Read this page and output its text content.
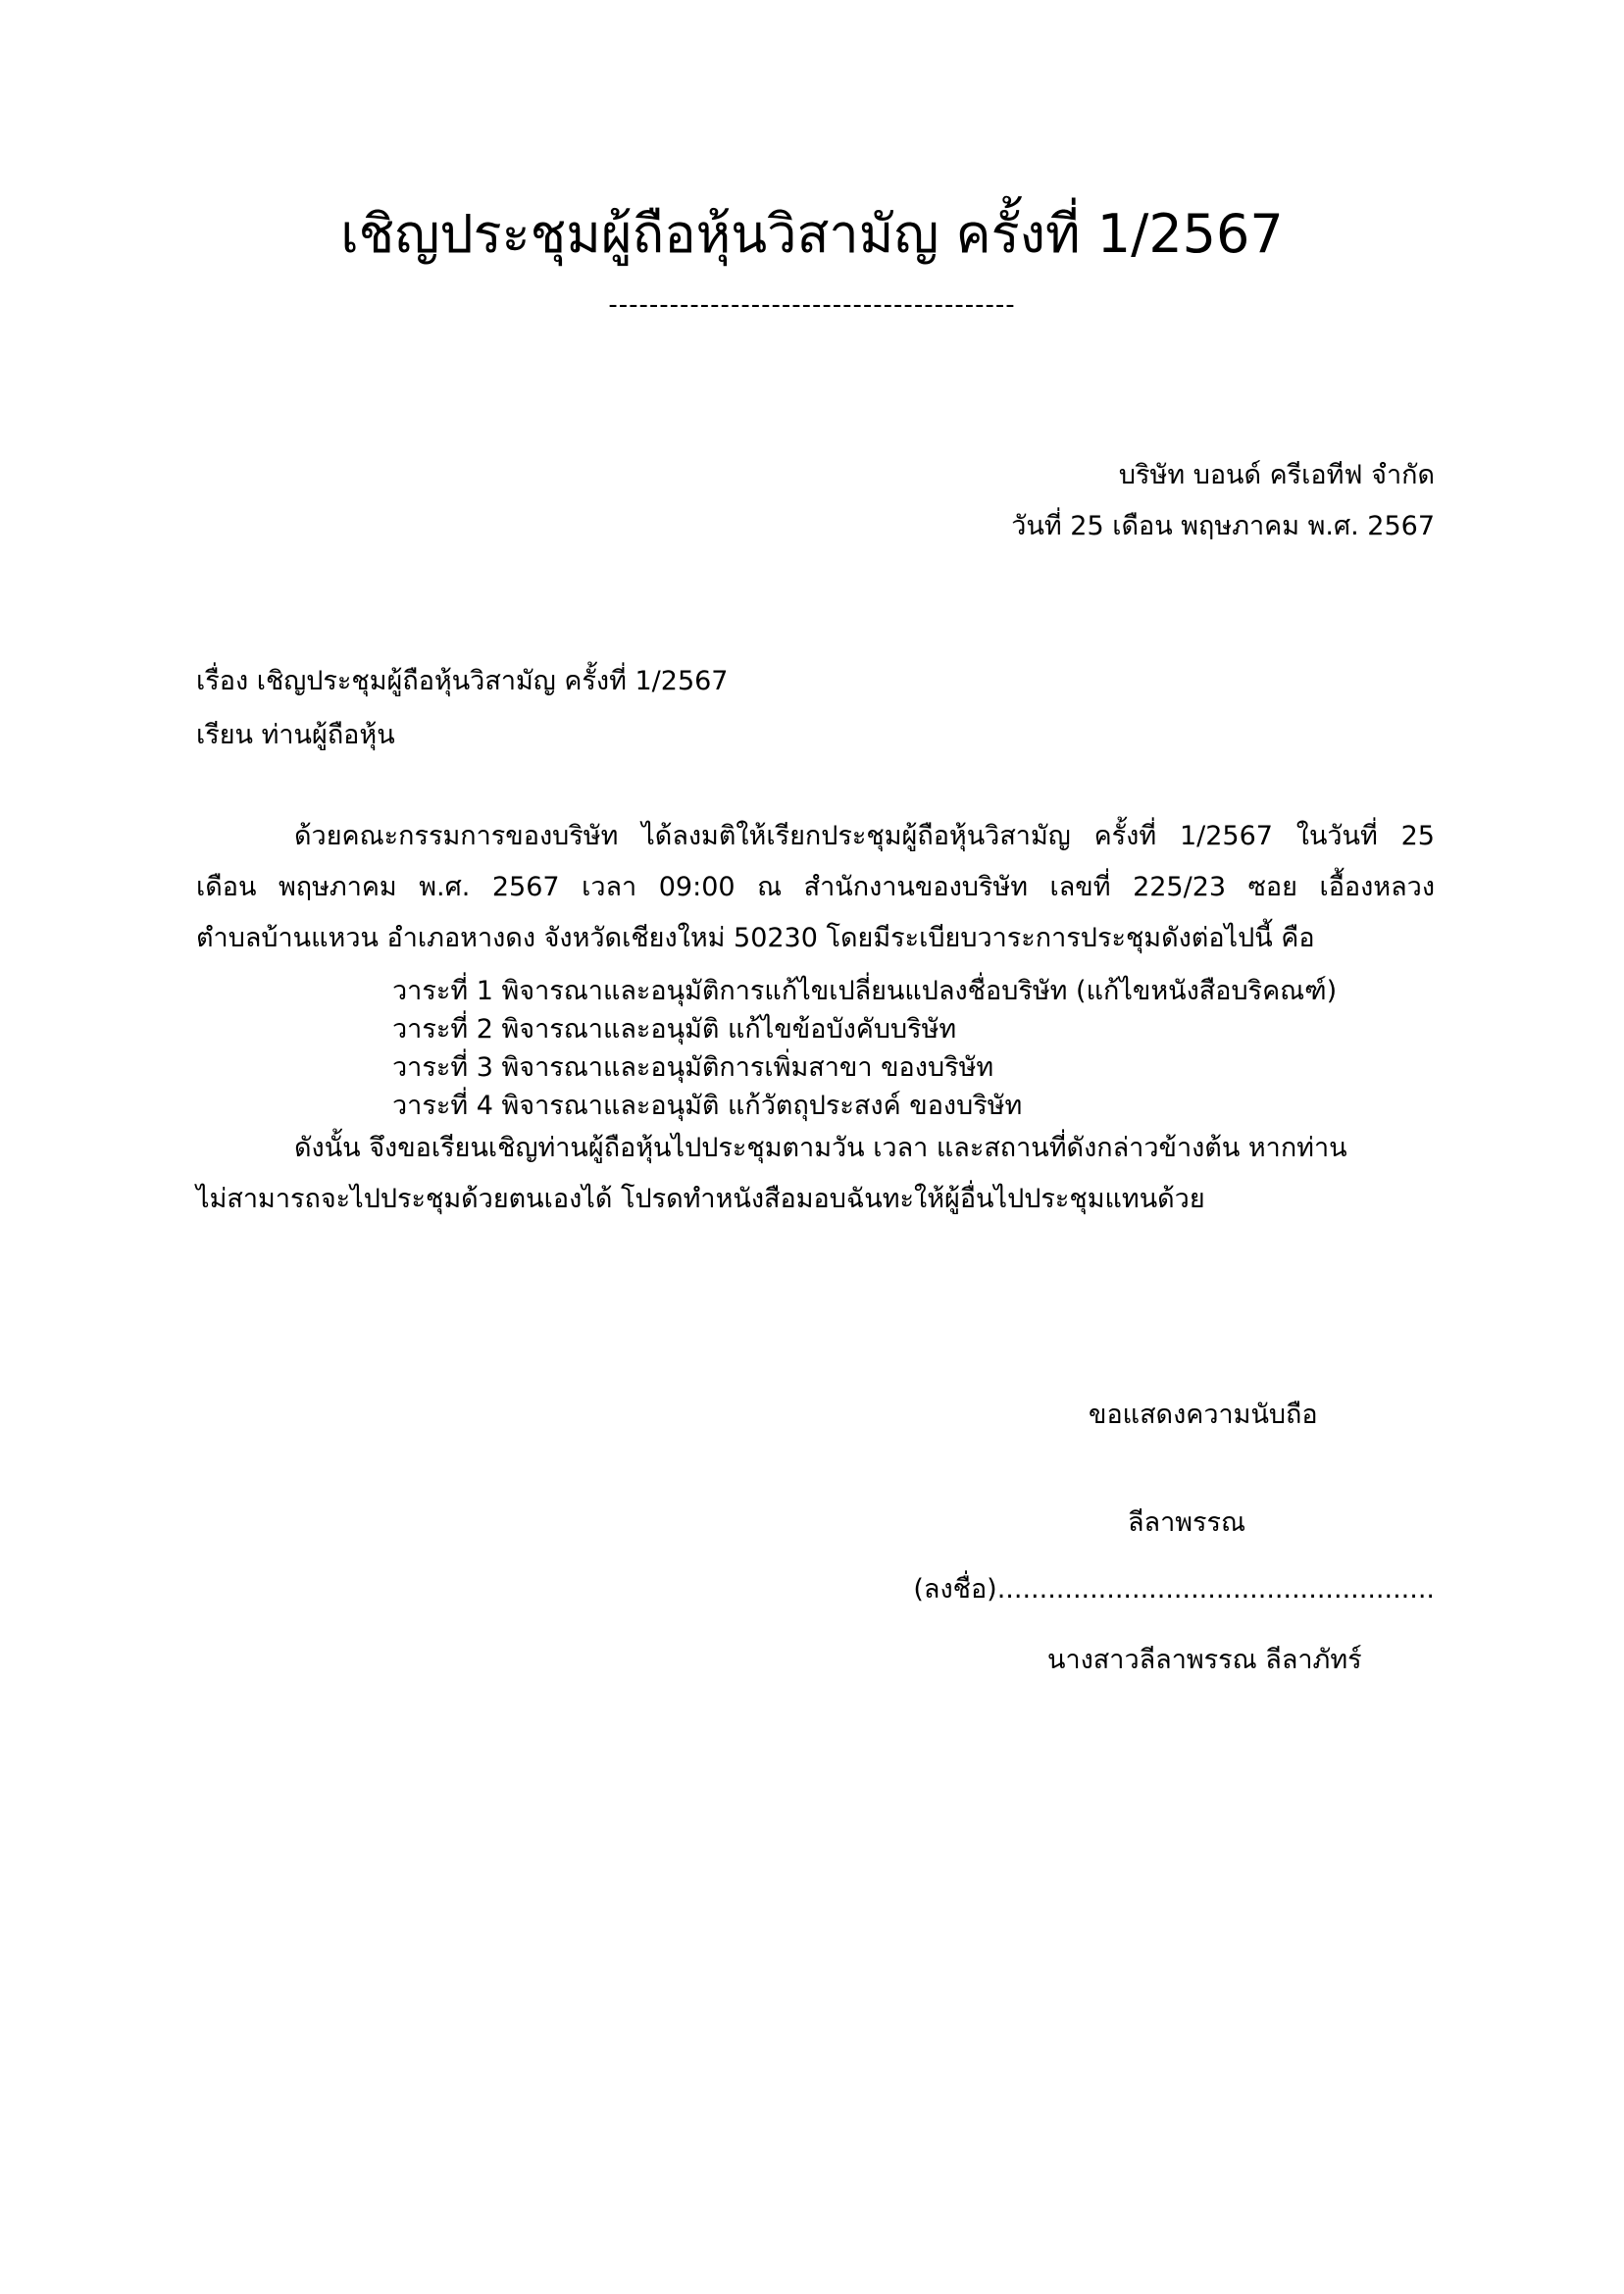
เชิญประชุมผู้ถือหุ้นวิสามัญ ครั้งที่ 1/2567
----------------------------------------
บริษัท บอนด์ ครีเอทีฟ จำกัด
วันที่ 25 เดือน พฤษภาคม พ.ศ. 2567
เรื่อง เชิญประชุมผู้ถือหุ้นวิสามัญ ครั้งที่ 1/2567
เรียน ท่านผู้ถือหุ้น
ด้วยคณะกรรมการของบริษัท ได้ลงมติให้เรียกประชุมผู้ถือหุ้นวิสามัญ ครั้งที่ 1/2567 ในวันที่ 25
เดือน พฤษภาคม พ.ศ. 2567 เวลา 09:00 ณ สำนักงานของบริษัท เลขที่ 225/23 ซอย เอื้องหลวง
ตำบลบ้านแหวน อำเภอหางดง จังหวัดเชียงใหม่ 50230 โดยมีระเบียบวาระการประชุมดังต่อไปนี้ คือ
วาระที่ 1 พิจารณาและอนุมัติการแก้ไขเปลี่ยนแปลงชื่อบริษัท (แก้ไขหนังสือบริคณฑ์)
วาระที่ 2 พิจารณาและอนุมัติ แก้ไขข้อบังคับบริษัท
วาระที่ 3 พิจารณาและอนุมัติการเพิ่มสาขา ของบริษัท
วาระที่ 4 พิจารณาและอนุมัติ แก้วัตถุประสงค์ ของบริษัท
ดังนั้น จึงขอเรียนเชิญท่านผู้ถือหุ้นไปประชุมตามวัน เวลา และสถานที่ดังกล่าวข้างต้น หากท่าน
ไม่สามารถจะไปประชุมด้วยตนเองได้ โปรดทำหนังสือมอบฉันทะให้ผู้อื่นไปประชุมแทนด้วย
ขอแสดงความนับถือ
ลีลาพรรณ
(ลงชื่อ)....................................................
นางสาวลีลาพรรณ ลีลาภัทร์
